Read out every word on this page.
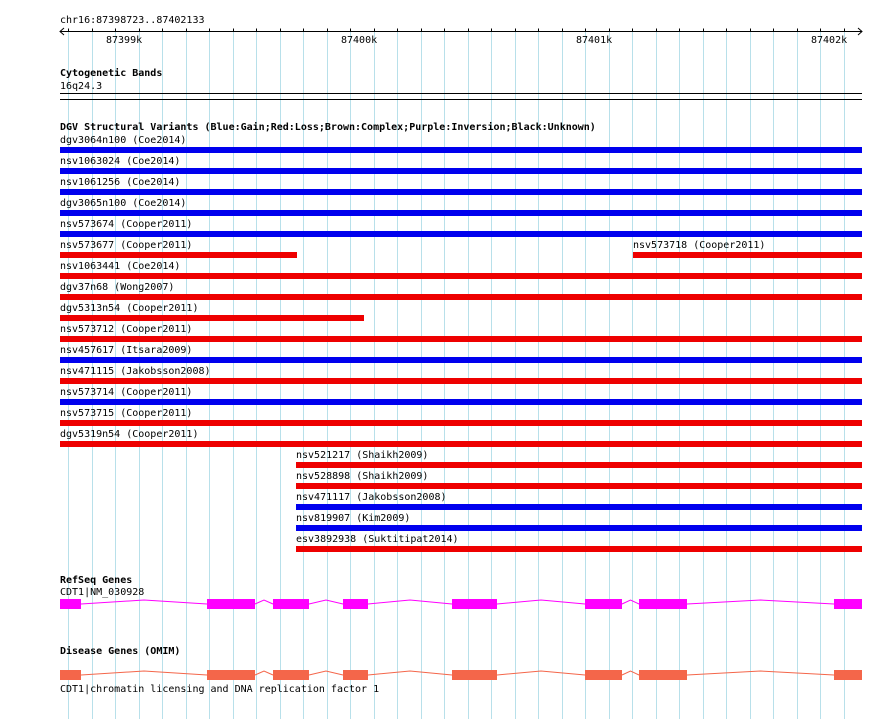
chr16:87398723..87402133
87399k	87400k	87401k	87402k
Cytogenetic Bands
16q24.3
DGV Structural Variants (Blue:Gain;Red:Loss;Brown:Complex;Purple:Inversion;Black:Unknown)
dgv3064n100 (Coe2014)
nsv1063024 (Coe2014)
nsv1061256 (Coe2014)
dgv3065n100 (Coe2014)
nsv573674 (Cooper2011)
nsv573677 (Cooper2011)	nsv573718 (Cooper2011)
nsv1063441 (Coe2014)
dgv37n68 (Wong2007)
dgv5313n54 (Cooper2011)
nsv573712 (Cooper2011)
nsv457617 (Itsara2009)
nsv471115 (Jakobsson2008)
nsv573714 (Cooper2011)
nsv573715 (Cooper2011)
dgv5319n54 (Cooper2011)
nsv521217 (Shaikh2009)
nsv528898 (Shaikh2009)
nsv471117 (Jakobsson2008)
nsv819907 (Kim2009)
esv3892938 (Suktitipat2014)
RefSeq Genes
CDT1|NM_030928
Disease Genes (OMIM)
CDT1|chromatin licensing and DNA replication factor 1
